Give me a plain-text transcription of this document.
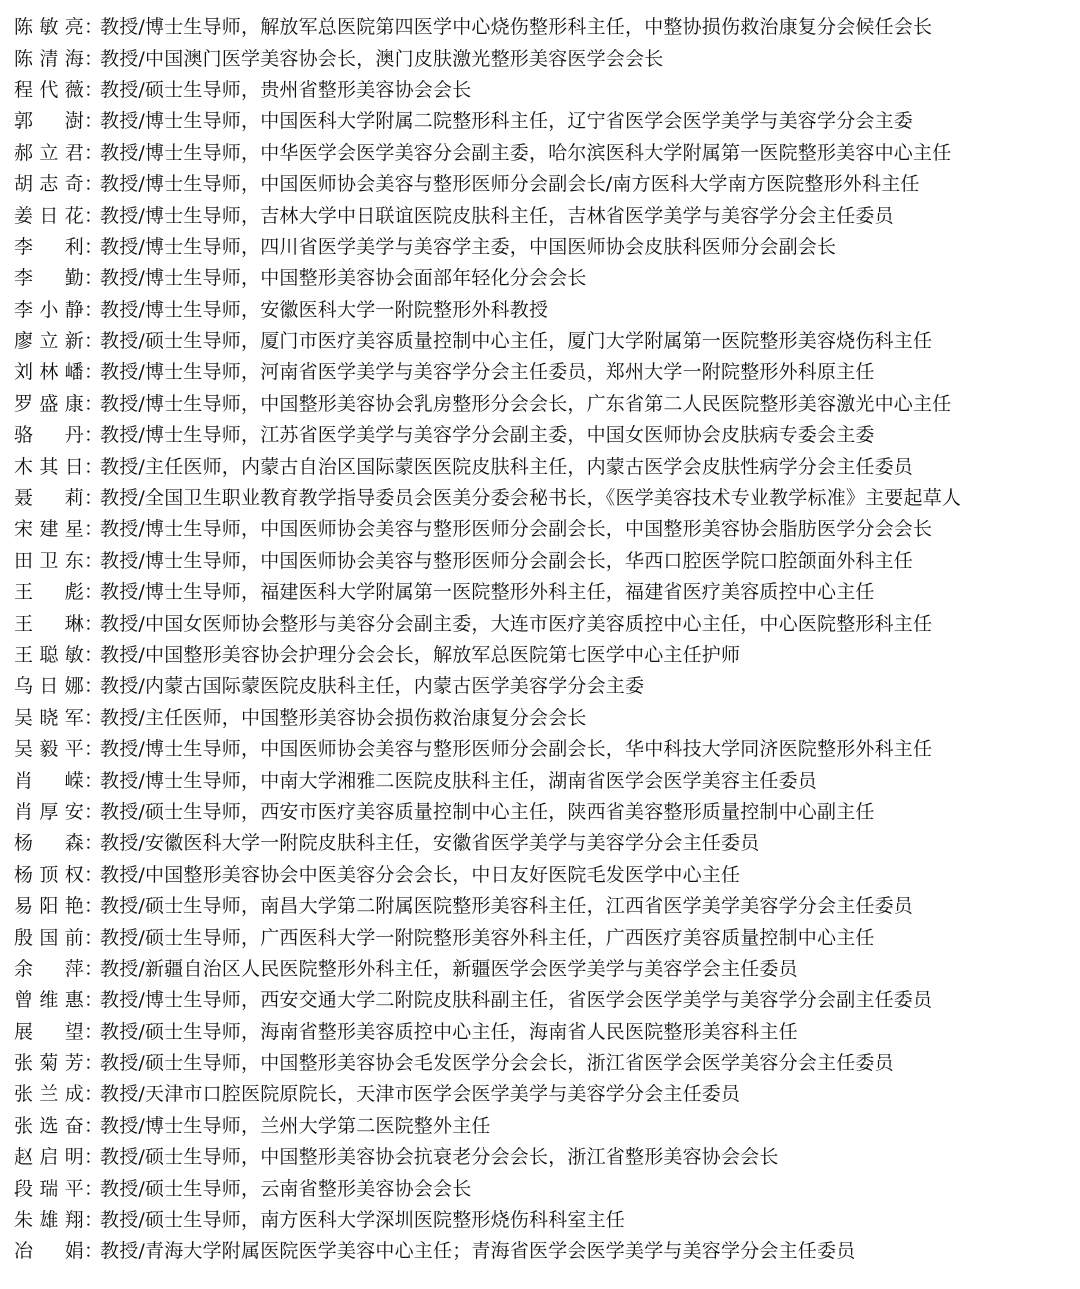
陈敏亮 ：
教授/博士生导师，解放军总医院第四医学中心烧伤整形科主任，中整协损伤救治康复分会候任会长
陈清海 ：
教授/中国澳门医学美容协会长，澳门皮肤激光整形美容医学会会长
程代薇 ：
教授/硕士生导师，贵州省整形美容协会会长
郭　澍 ：
教授/博士生导师，中国医科大学附属二院整形科主任，辽宁省医学会医学美学与美容学分会主委
郝立君 ：
教授/博士生导师，中华医学会医学美容分会副主委，哈尔滨医科大学附属第一医院整形美容中心主任
胡志奇 ：
教授/博士生导师，中国医师协会美容与整形医师分会副会长/南方医科大学南方医院整形外科主任
姜日花 ：
教授/博士生导师，吉林大学中日联谊医院皮肤科主任，吉林省医学美学与美容学分会主任委员
李　利 ：
教授/博士生导师，四川省医学美学与美容学主委，中国医师协会皮肤科医师分会副会长
李　勤 ：
教授/博士生导师，中国整形美容协会面部年轻化分会会长
李小静 ：
教授/博士生导师，安徽医科大学一附院整形外科教授
廖立新 ：
教授/硕士生导师，厦门市医疗美容质量控制中心主任，厦门大学附属第一医院整形美容烧伤科主任
刘林嶓 ：
教授/博士生导师，河南省医学美学与美容学分会主任委员，郑州大学一附院整形外科原主任
罗盛康 ：
教授/博士生导师，中国整形美容协会乳房整形分会会长，广东省第二人民医院整形美容激光中心主任
骆　丹 ：
教授/博士生导师，江苏省医学美学与美容学分会副主委，中国女医师协会皮肤病专委会主委
木其日 ：
教授/主任医师，内蒙古自治区国际蒙医医院皮肤科主任，内蒙古医学会皮肤性病学分会主任委员
聂　莉 ：
教授/全国卫生职业教育教学指导委员会医美分委会秘书长，《医学美容技术专业教学标准》主要起草人
宋建星 ：
教授/博士生导师，中国医师协会美容与整形医师分会副会长，中国整形美容协会脂肪医学分会会长
田卫东 ：
教授/博士生导师，中国医师协会美容与整形医师分会副会长，华西口腔医学院口腔颌面外科主任
王　彪 ：
教授/博士生导师，福建医科大学附属第一医院整形外科主任，福建省医疗美容质控中心主任
王　琳 ：
教授/中国女医师协会整形与美容分会副主委，大连市医疗美容质控中心主任，中心医院整形科主任
王聪敏 ：
教授/中国整形美容协会护理分会会长，解放军总医院第七医学中心主任护师
乌日娜 ：
教授/内蒙古国际蒙医院皮肤科主任，内蒙古医学美容学分会主委
吴晓军 ：
教授/主任医师，中国整形美容协会损伤救治康复分会会长
吴毅平 ：
教授/博士生导师，中国医师协会美容与整形医师分会副会长，华中科技大学同济医院整形外科主任
肖　嵘 ：
教授/博士生导师，中南大学湘雅二医院皮肤科主任，湖南省医学会医学美容主任委员
肖厚安 ：
教授/硕士生导师，西安市医疗美容质量控制中心主任，陕西省美容整形质量控制中心副主任
杨　森 ：
教授/安徽医科大学一附院皮肤科主任，安徽省医学美学与美容学分会主任委员
杨顶权 ：
教授/中国整形美容协会中医美容分会会长，中日友好医院毛发医学中心主任
易阳艳 ：
教授/硕士生导师，南昌大学第二附属医院整形美容科主任，江西省医学美学美容学分会主任委员
殷国前 ：
教授/硕士生导师，广西医科大学一附院整形美容外科主任，广西医疗美容质量控制中心主任
余　萍 ：
教授/新疆自治区人民医院整形外科主任，新疆医学会医学美学与美容学会主任委员
曾维惠 ：
教授/博士生导师，西安交通大学二附院皮肤科副主任，省医学会医学美学与美容学分会副主任委员
展　望 ：
教授/硕士生导师，海南省整形美容质控中心主任，海南省人民医院整形美容科主任
张菊芳 ：
教授/硕士生导师，中国整形美容协会毛发医学分会会长，浙江省医学会医学美容分会主任委员
张兰成 ：
教授/天津市口腔医院原院长，天津市医学会医学美学与美容学分会主任委员
张选奋 ：
教授/博士生导师，兰州大学第二医院整外主任
赵启明 ：
教授/硕士生导师，中国整形美容协会抗衰老分会会长，浙江省整形美容协会会长
段瑞平 ：
教授/硕士生导师，云南省整形美容协会会长
朱雄翔 ：
教授/硕士生导师，南方医科大学深圳医院整形烧伤科科室主任
冶　娟 ：
教授/青海大学附属医院医学美容中心主任；青海省医学会医学美学与美容学分会主任委员
